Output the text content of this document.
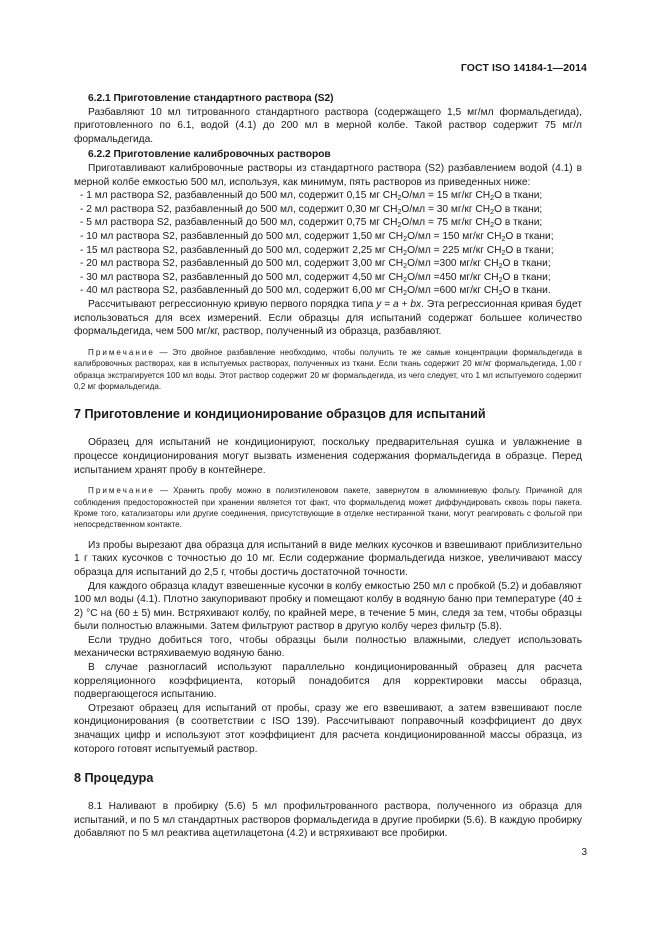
ГОСТ ISO 14184-1—2014

6.2.1 Приготовление стандартного раствора (S2)

Разбавляют 10 мл титрованного стандартного раствора (содержащего 1,5 мг/мл формальдегида), приготовленного по 6.1, водой (4.1) до 200 мл в мерной колбе. Такой раствор содержит 75 мг/л формальдегида.

6.2.2 Приготовление калибровочных растворов

Приготавливают калибровочные растворы из стандартного раствора (S2) разбавлением водой (4.1) в мерной колбе емкостью 500 мл, используя, как минимум, пять растворов из приведенных ниже:

- 1 мл раствора S2, разбавленный до 500 мл, содержит 0,15 мг $CH_2O/мл = 15$ мг/кг $CH_2O$ в ткани;

- 2 мл раствора S2, разбавленный до 500 мл, содержит 0,30 мг $CH_2O/мл = 30$ мг/кг $CH_2O$ в ткани;

- 5 мл раствора S2, разбавленный до 500 мл, содержит 0,75 мг $CH_2O/мл = 75$ мг/кг $CH_2O$ в ткани;

- 10 мл раствора S2, разбавленный до 500 мл, содержит 1,50 мг $CH_2O/мл = 150$ мг/кг $CH_2O$ в ткани;

- 15 мл раствора S2, разбавленный до 500 мл, содержит 2,25 мг $CH_2O/мл = 225$ мг/кг $CH_2O$ в ткани;

- 20 мл раствора S2, разбавленный до 500 мл, содержит 3,00 мг $CH_2O/мл =300$ мг/кг $CH_2O$ в ткани;

- 30 мл раствора S2, разбавленный до 500 мл, содержит 4,50 мг $CH_2O/мл =450$ мг/кг $CH_2O$ в ткани;

- 40 мл раствора S2, разбавленный до 500 мл, содержит 6,00 мг $CH_2O/мл =600$ мг/кг $CH_2O$ в ткани.

Рассчитывают регрессионную кривую первого порядка типа y = a + bx. Эта регрессионная кривая будет использоваться для всех измерений. Если образцы для испытаний содержат большее количество формальдегида, чем 500 мг/кг, раствор, полученный из образца, разбавляют.

Примечание — Это двойное разбавление необходимо, чтобы получить те же самые концентрации формальдегида в калибровочных растворах, как в испытуемых растворах, полученных из ткани. Если ткань содержит 20 мг/кг формальдегида, 1,00 г образца экстрагируется 100 мл воды. Этот раствор содержит 20 мг формальдегида, из чего следует, что 1 мл испытуемого содержит 0,2 мг формальдегида.

7 Приготовление и кондиционирование образцов для испытаний

Образец для испытаний не кондиционируют, поскольку предварительная сушка и увлажнение в процессе кондиционирования могут вызвать изменения содержания формальдегида в образце. Перед испытанием хранят пробу в контейнере.

Примечание — Хранить пробу можно в полиэтиленовом пакете, завернутом в алюминиевую фольгу. Причиной для соблюдения предосторожностей при хранении является тот факт, что формальдегид может диффундировать сквозь поры пакета. Кроме того, катализаторы или другие соединения, присутствующие в отделке нестиранной ткани, могут реагировать с фольгой при непосредственном контакте.

Из пробы вырезают два образца для испытаний в виде мелких кусочков и взвешивают приблизительно 1 г таких кусочков с точностью до 10 мг. Если содержание формальдегида низкое, увеличивают массу образца для испытаний до 2,5 г, чтобы достичь достаточной точности.

Для каждого образца кладут взвешенные кусочки в колбу емкостью 250 мл с пробкой (5.2) и добавляют 100 мл воды (4.1). Плотно закупоривают пробку и помещают колбу в водяную баню при температуре (40 ± 2) °С на (60 ± 5) мин. Встряхивают колбу, по крайней мере, в течение 5 мин, следя за тем, чтобы образцы были полностью влажными. Затем фильтруют раствор в другую колбу через фильтр (5.8).

Если трудно добиться того, чтобы образцы были полностью влажными, следует использовать механически встряхиваемую водяную баню.

В случае разногласий используют параллельно кондиционированный образец для расчета корреляционного коэффициента, который понадобится для корректировки массы образца, подвергающегося испытанию.

Отрезают образец для испытаний от пробы, сразу же его взвешивают, а затем взвешивают после кондиционирования (в соответствии с ISO 139). Рассчитывают поправочный коэффициент до двух значащих цифр и используют этот коэффициент для расчета кондиционированной массы образца, из которого готовят испытуемый раствор.

8 Процедура

8.1 Наливают в пробирку (5.6) 5 мл профильтрованного раствора, полученного из образца для испытаний, и по 5 мл стандартных растворов формальдегида в другие пробирки (5.6). В каждую пробирку добавляют по 5 мл реактива ацетилацетона (4.2) и встряхивают все пробирки.

3
